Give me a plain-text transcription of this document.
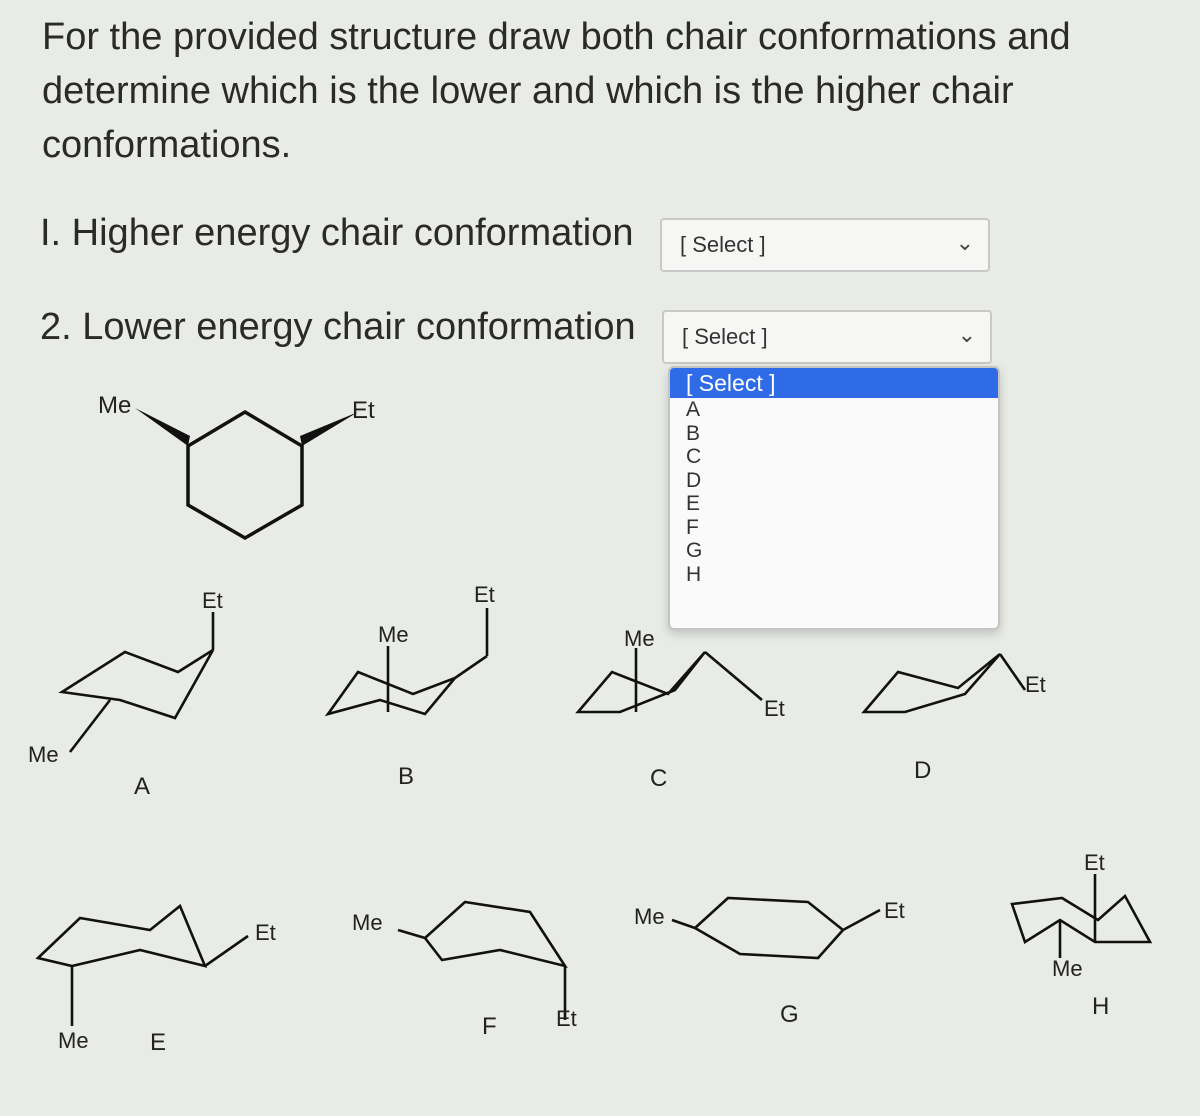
For the provided structure draw both chair conformations and determine which is the lower and which is the higher chair conformations.
I. Higher energy chair conformation [ Select ]	⌄
2. Lower energy chair conformation [ Select ]	⌄
Me	Et
Et
Me
A
Me
Et
B
Me
Et
C
Et
D
Et
Me	E
Me
Et
F
Me	Et
G
Et
Me
H
[ Select ]
A
B
C
D
E
F
G
H
